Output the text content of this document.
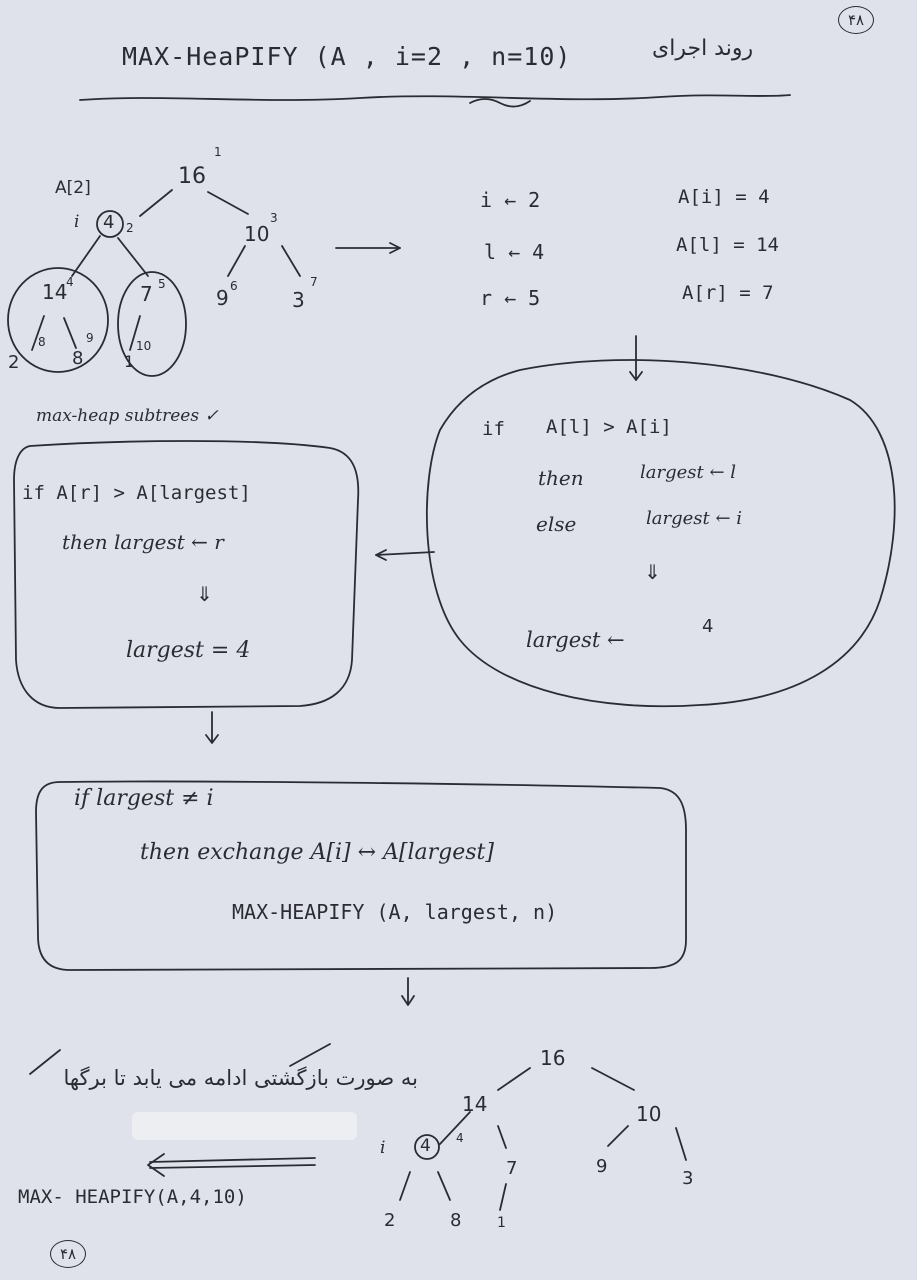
۴۸
۴۸
MAX-HeaPIFY (A , i=2 , n=10)	روند اجرای
A[2]
i
16
1
4 2	10
3
14
4	7 5
9 6
3
7
2
8
8
9
1
10
max-heap subtrees ✓
i ← 2
l ← 4
r ← 5
A[i] = 4
A[l] = 14
A[r] = 7
if A[l] > A[i]
then	largest ← l
else	largest ← i
⇓
largest ←
4
if A[r] > A[largest]
then largest ← r
⇓
largest = 4
if largest ≠ i
then exchange A[i] ↔ A[largest]
MAX-HEAPIFY (A, largest, n)
به صورت بازگشتی ادامه می یابد تا برگها
MAX- HEAPIFY(A,4,10)
16
14	10
i 4 4
7	9
3
2	8	1
